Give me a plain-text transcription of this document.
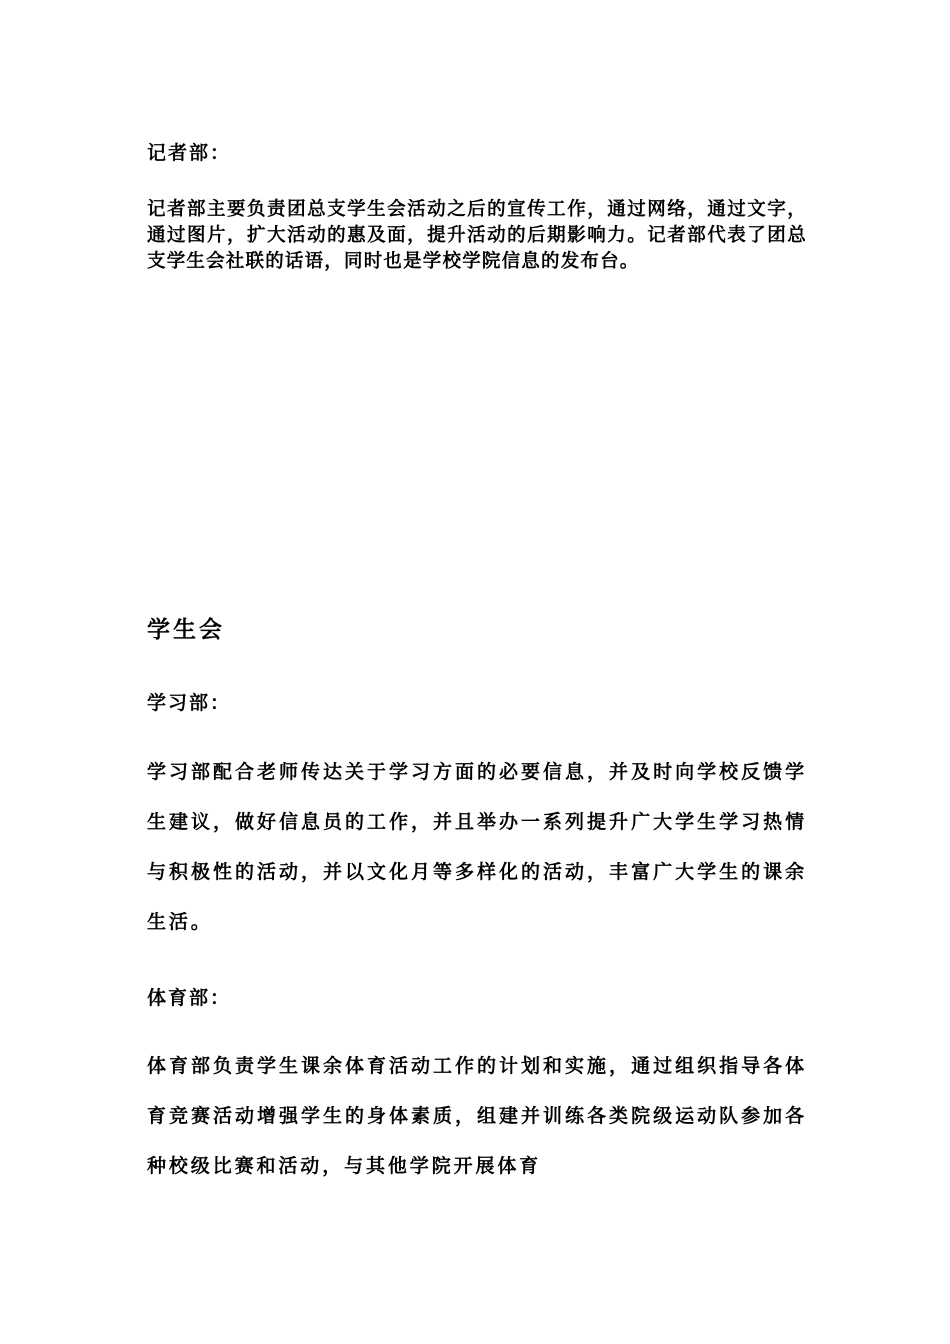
记者部：

记者部主要负责团总支学生会活动之后的宣传工作，通过网络，通过文字，通过图片，扩大活动的惠及面，提升活动的后期影响力。记者部代表了团总支学生会社联的话语，同时也是学校学院信息的发布台。

学生会
学习部：

学习部配合老师传达关于学习方面的必要信息，并及时向学校反馈学生建议，做好信息员的工作，并且举办一系列提升广大学生学习热情与积极性的活动，并以文化月等多样化的活动，丰富广大学生的课余生活。

体育部：

体育部负责学生课余体育活动工作的计划和实施，通过组织指导各体育竞赛活动增强学生的身体素质，组建并训练各类院级运动队参加各种校级比赛和活动，与其他学院开展体育
